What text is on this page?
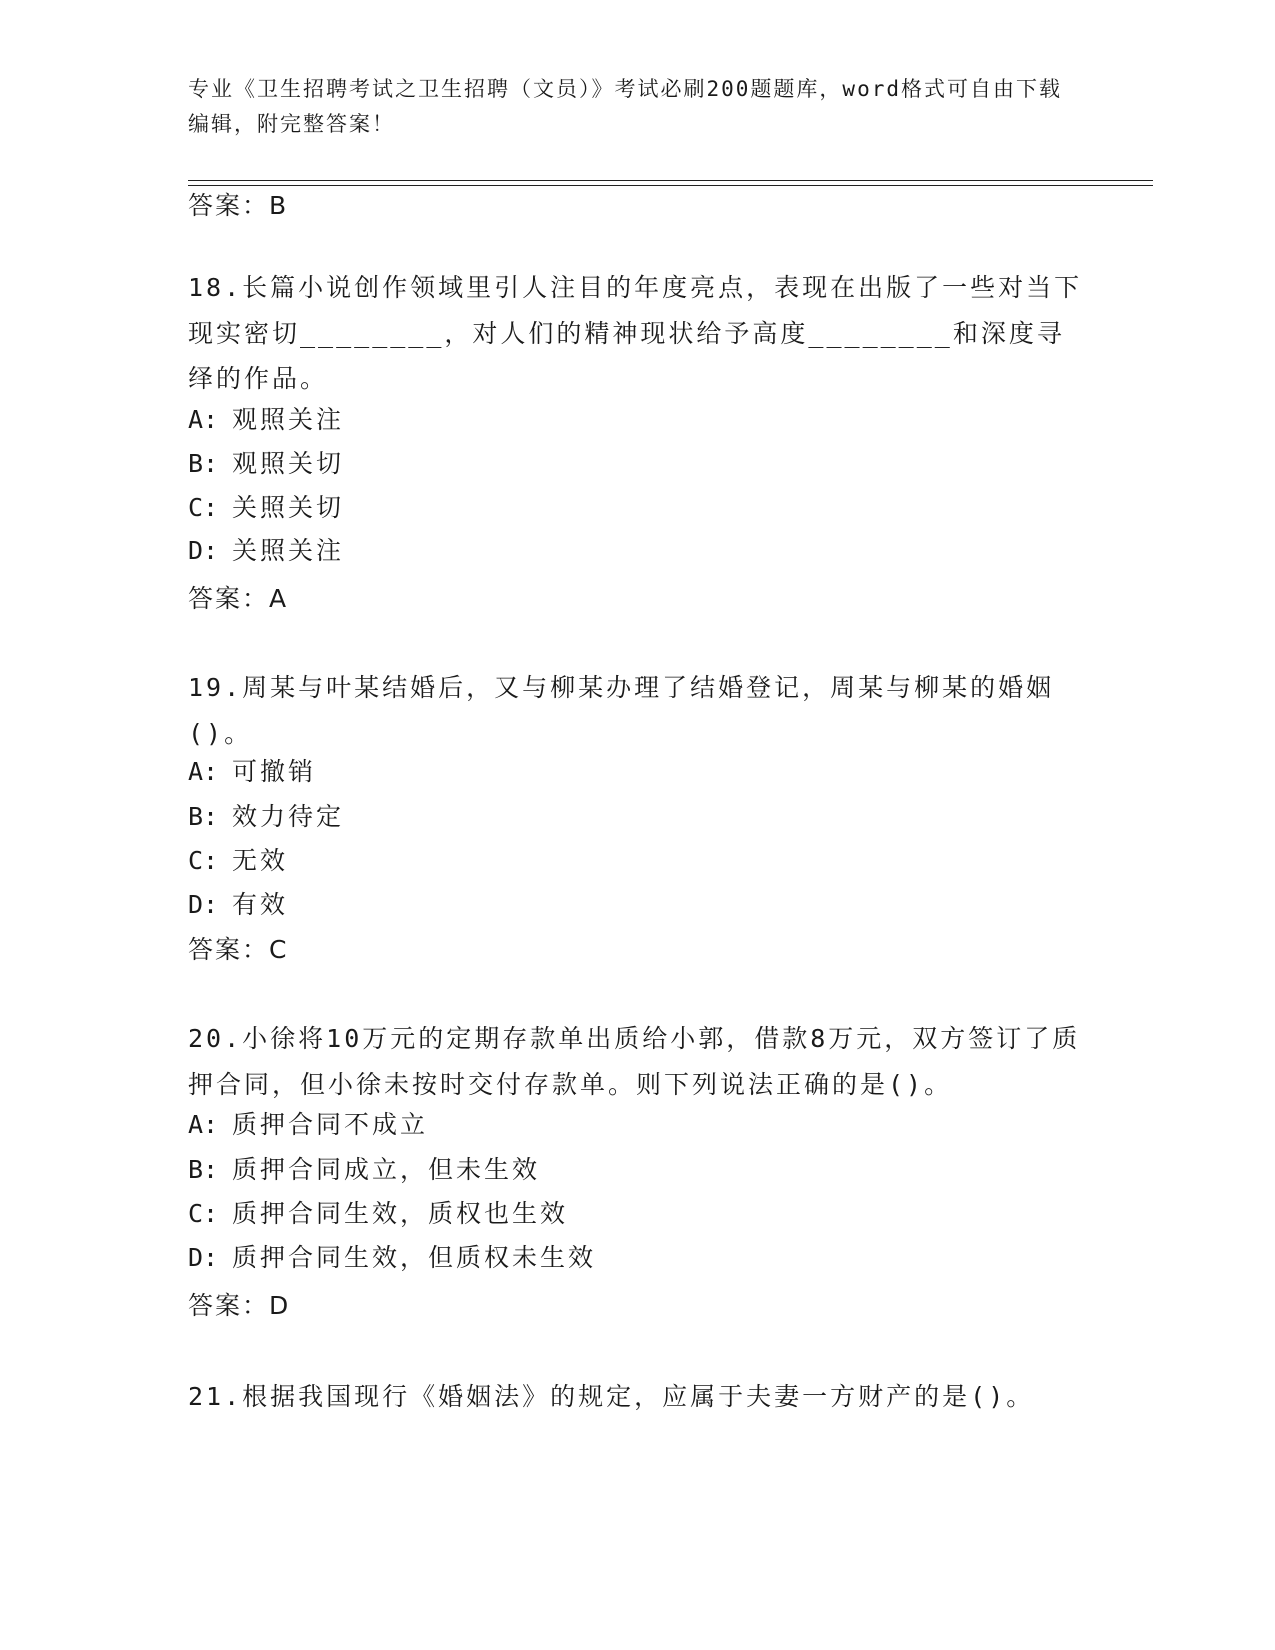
专业《卫生招聘考试之卫生招聘（文员）》考试必刷200题题库，word格式可自由下载编辑，附完整答案！
答案：B
18.长篇小说创作领域里引人注目的年度亮点，表现在出版了一些对当下现实密切________，对人们的精神现状给予高度________和深度寻绎的作品。
A: 观照关注
B: 观照关切
C: 关照关切
D: 关照关注
答案：A
19.周某与叶某结婚后，又与柳某办理了结婚登记，周某与柳某的婚姻()。
A: 可撤销
B: 效力待定
C: 无效
D: 有效
答案：C
20.小徐将10万元的定期存款单出质给小郭，借款8万元，双方签订了质押合同，但小徐未按时交付存款单。则下列说法正确的是()。
A: 质押合同不成立
B: 质押合同成立，但未生效
C: 质押合同生效，质权也生效
D: 质押合同生效，但质权未生效
答案：D
21.根据我国现行《婚姻法》的规定，应属于夫妻一方财产的是()。
